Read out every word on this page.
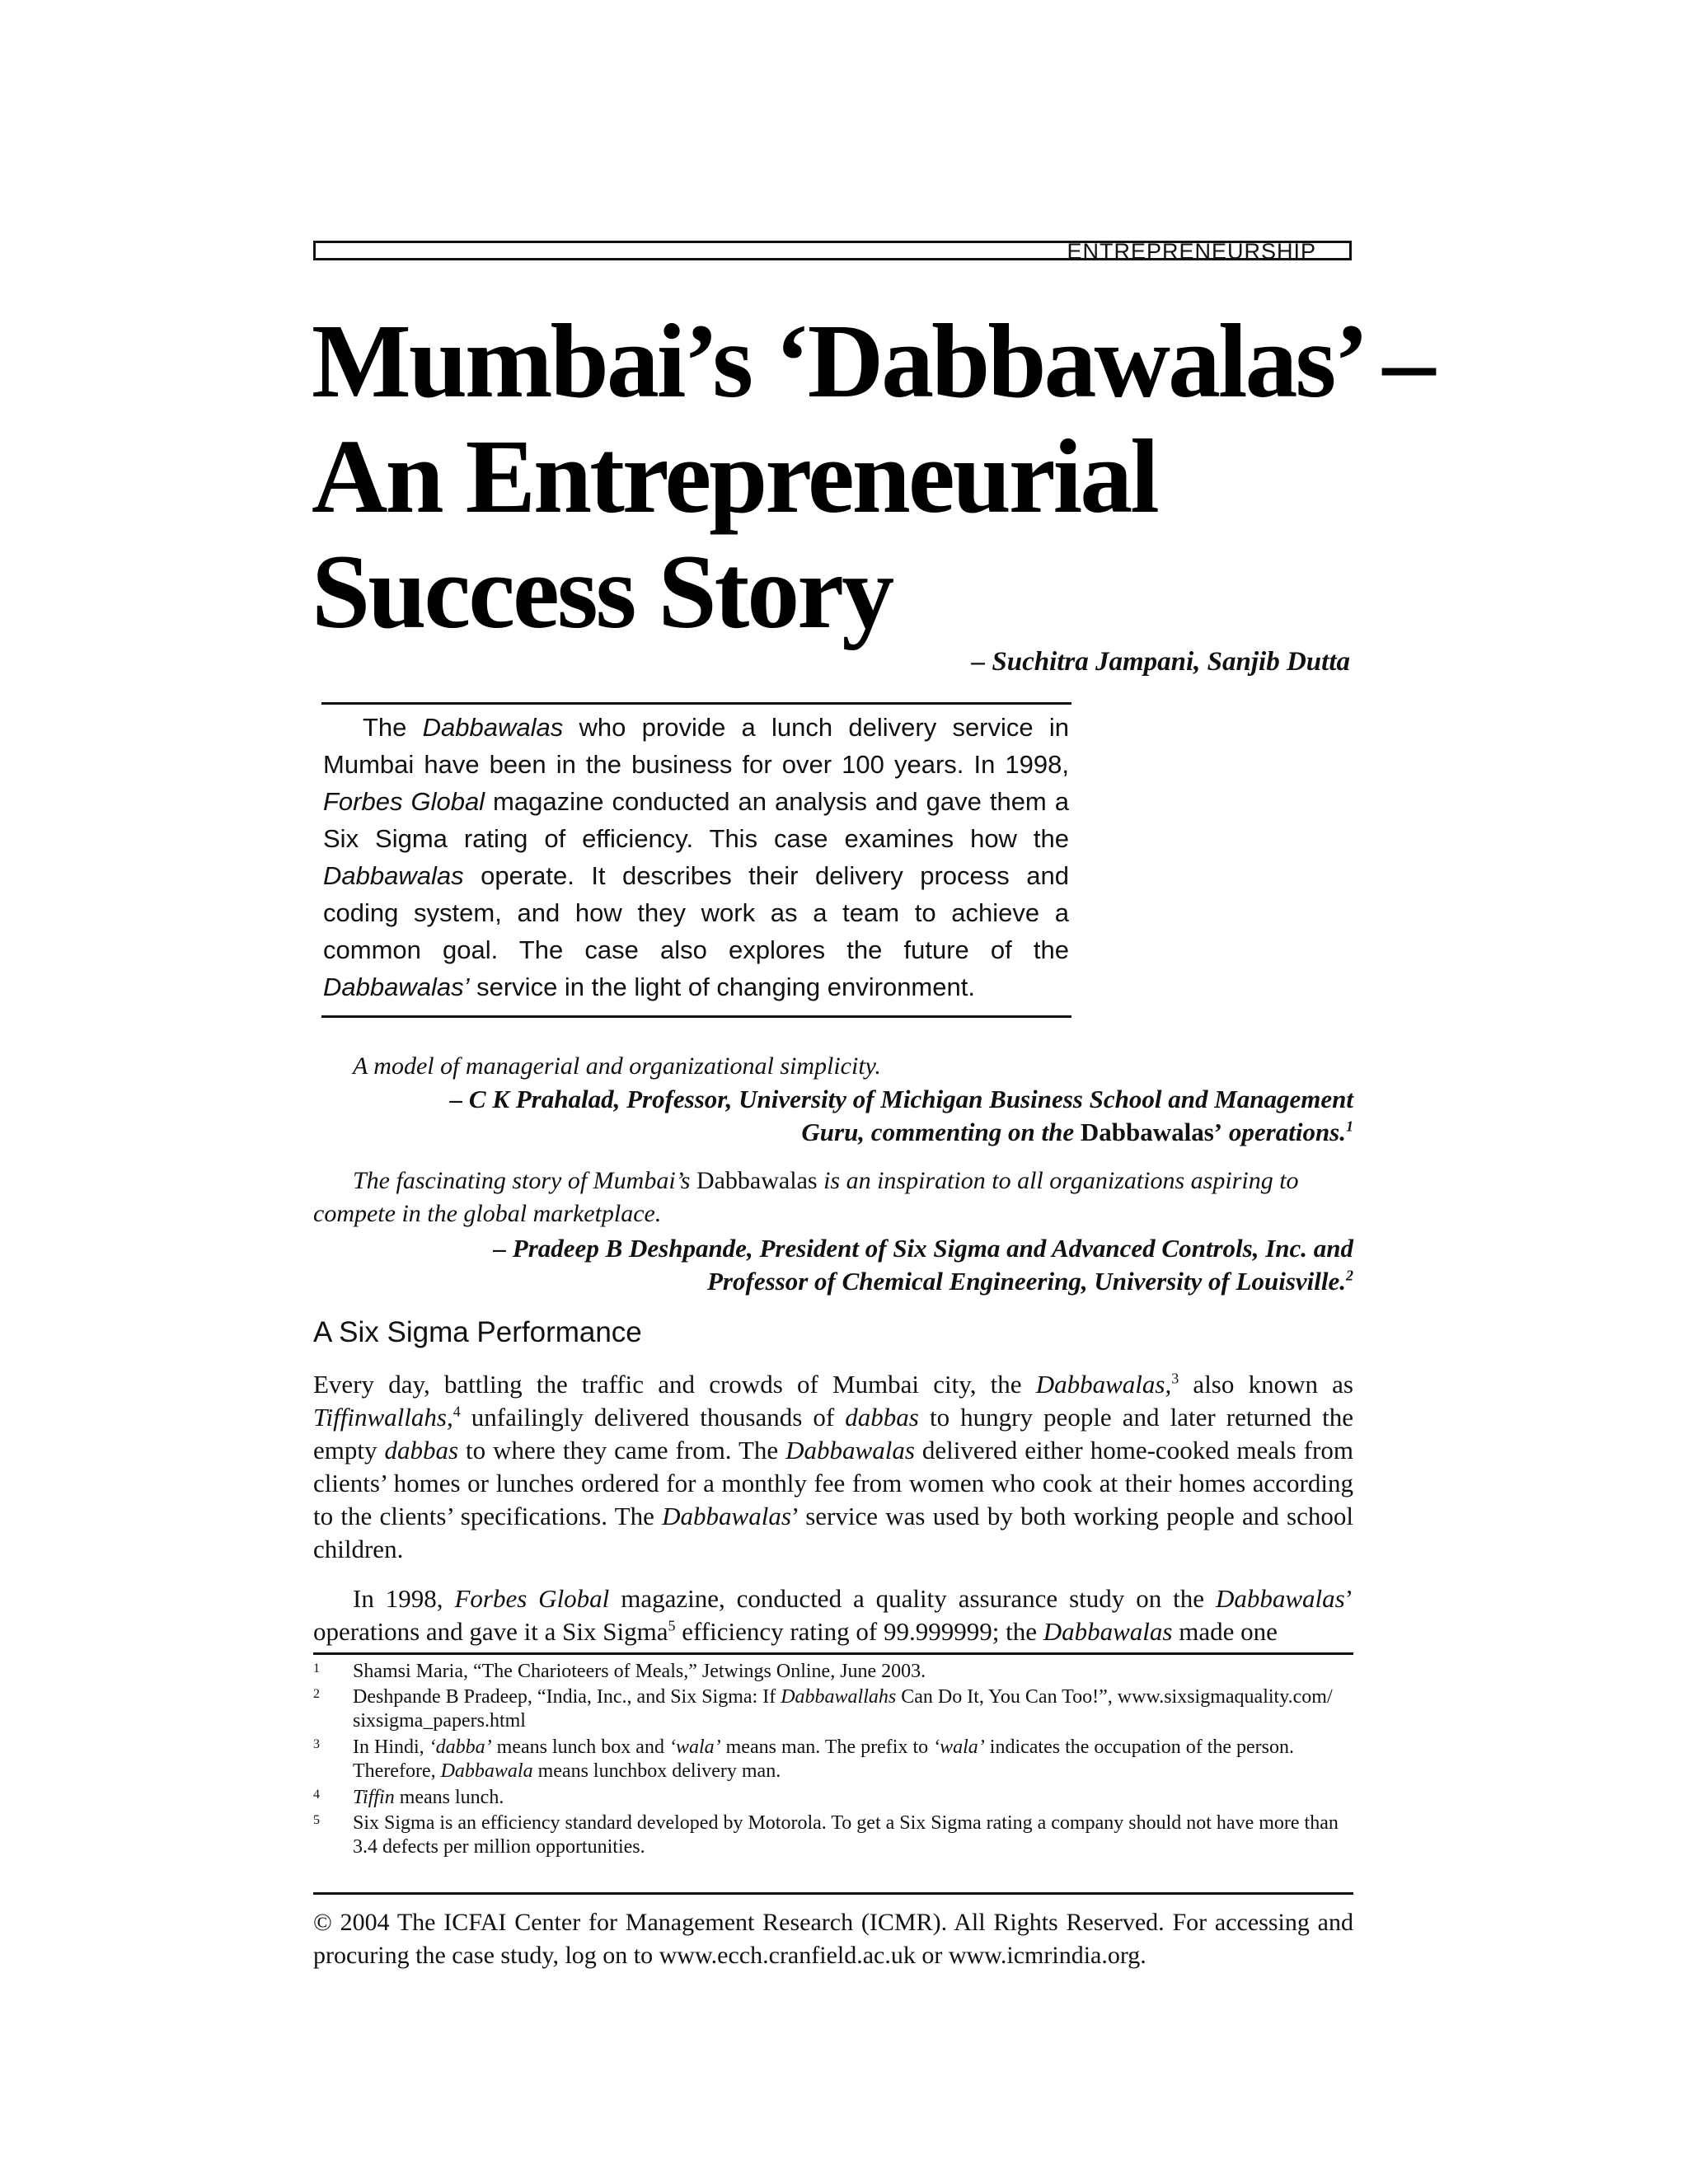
ENTREPRENEURSHIP
Mumbai’s ‘Dabbawalas’ –
An Entrepreneurial
Success Story
– Suchitra Jampani, Sanjib Dutta

The Dabbawalas who provide a lunch delivery service in Mumbai have been in the business for over 100 years. In 1998, Forbes Global magazine conducted an analysis and gave them a Six Sigma rating of efficiency. This case examines how the Dabbawalas operate. It describes their delivery process and coding system, and how they work as a team to achieve a common goal. The case also explores the future of the Dabbawalas’ service in the light of changing environment.

A model of managerial and organizational simplicity.
– C K Prahalad, Professor, University of Michigan Business School and Management
Guru, commenting on the Dabbawalas’ operations.$^1$
The fascinating story of Mumbai’s Dabbawalas is an inspiration to all organizations aspiring to compete in the global marketplace.
– Pradeep B Deshpande, President of Six Sigma and Advanced Controls, Inc. and
Professor of Chemical Engineering, University of Louisville.$^2$
A Six Sigma Performance
Every day, battling the traffic and crowds of Mumbai city, the Dabbawalas,$^3$ also known as Tiffinwallahs,$^4$ unfailingly delivered thousands of dabbas to hungry people and later returned the empty dabbas to where they came from. The Dabbawalas delivered either home-cooked meals from clients’ homes or lunches ordered for a monthly fee from women who cook at their homes according to the clients’ specifications. The Dabbawalas’ service was used by both working people and school children.
In 1998, Forbes Global magazine, conducted a quality assurance study on the Dabbawalas’ operations and gave it a Six Sigma$^5$ efficiency rating of 99.999999; the Dabbawalas made one
1 Shamsi Maria, “The Charioteers of Meals,” Jetwings Online, June 2003.
2 Deshpande B Pradeep, “India, Inc., and Six Sigma: If Dabbawallahs Can Do It, You Can Too!”, www.sixsigmaquality.com/ sixsigma_papers.html
3 In Hindi, ‘dabba’ means lunch box and ‘wala’ means man. The prefix to ‘wala’ indicates the occupation of the person. Therefore, Dabbawala means lunchbox delivery man.
4 Tiffin means lunch.
5 Six Sigma is an efficiency standard developed by Motorola. To get a Six Sigma rating a company should not have more than 3.4 defects per million opportunities.
© 2004 The ICFAI Center for Management Research (ICMR). All Rights Reserved. For accessing and procuring the case study, log on to www.ecch.cranfield.ac.uk or www.icmrindia.org.
